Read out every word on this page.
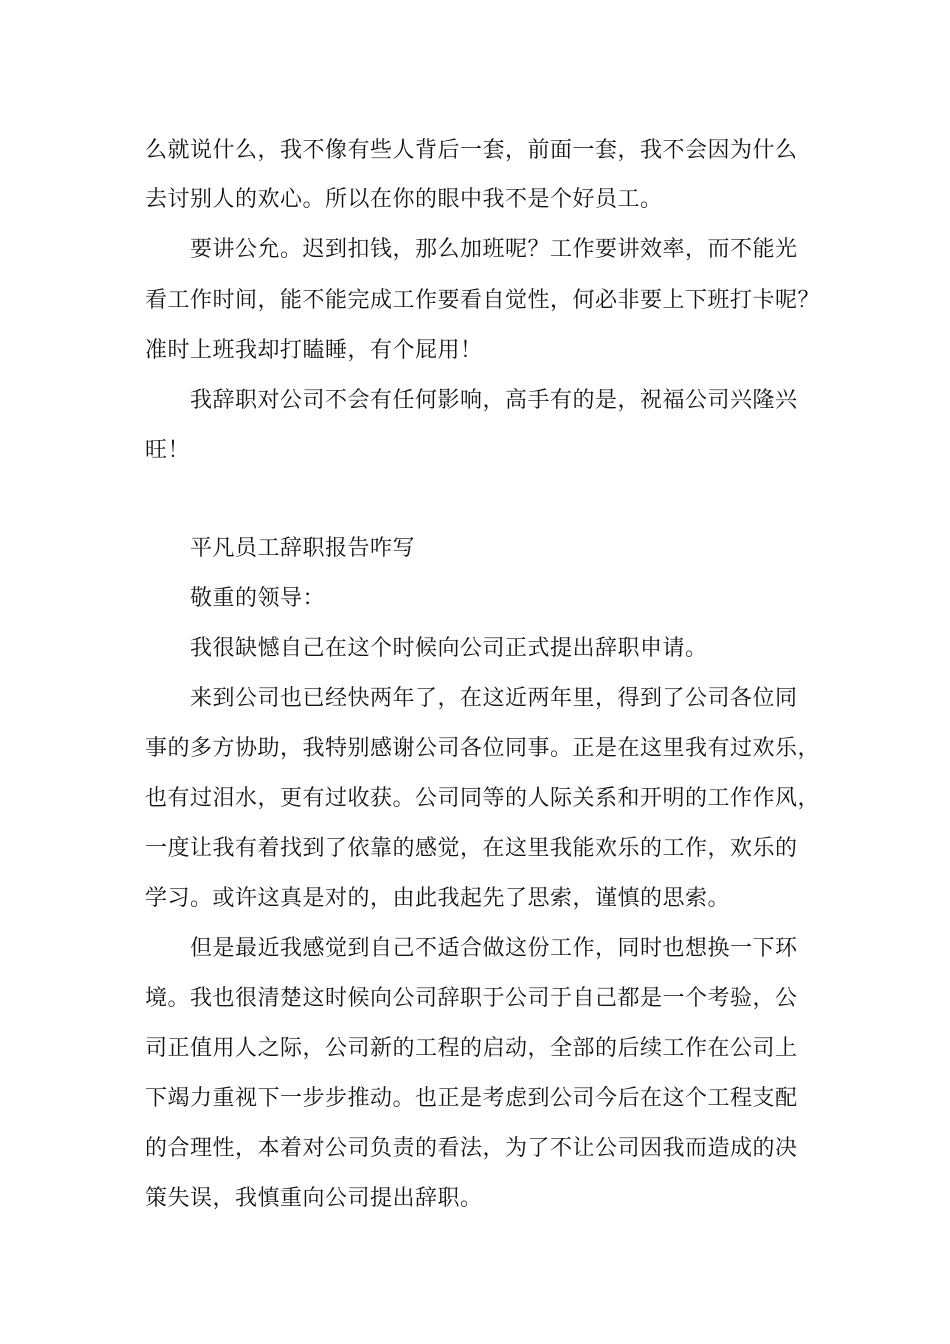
么就说什么，我不像有些人背后一套，前面一套，我不会因为什么
去讨别人的欢心。所以在你的眼中我不是个好员工。
要讲公允。迟到扣钱，那么加班呢？工作要讲效率，而不能光
看工作时间，能不能完成工作要看自觉性，何必非要上下班打卡呢？
准时上班我却打瞌睡，有个屁用！
我辞职对公司不会有任何影响，高手有的是，祝福公司兴隆兴
旺！
平凡员工辞职报告咋写
敬重的领导：
我很缺憾自己在这个时候向公司正式提出辞职申请。
来到公司也已经快两年了，在这近两年里，得到了公司各位同
事的多方协助，我特别感谢公司各位同事。正是在这里我有过欢乐，
也有过泪水，更有过收获。公司同等的人际关系和开明的工作作风，
一度让我有着找到了依靠的感觉，在这里我能欢乐的工作，欢乐的
学习。或许这真是对的，由此我起先了思索，谨慎的思索。
但是最近我感觉到自己不适合做这份工作，同时也想换一下环
境。我也很清楚这时候向公司辞职于公司于自己都是一个考验，公
司正值用人之际，公司新的工程的启动，全部的后续工作在公司上
下竭力重视下一步步推动。也正是考虑到公司今后在这个工程支配
的合理性，本着对公司负责的看法，为了不让公司因我而造成的决
策失误，我慎重向公司提出辞职。
